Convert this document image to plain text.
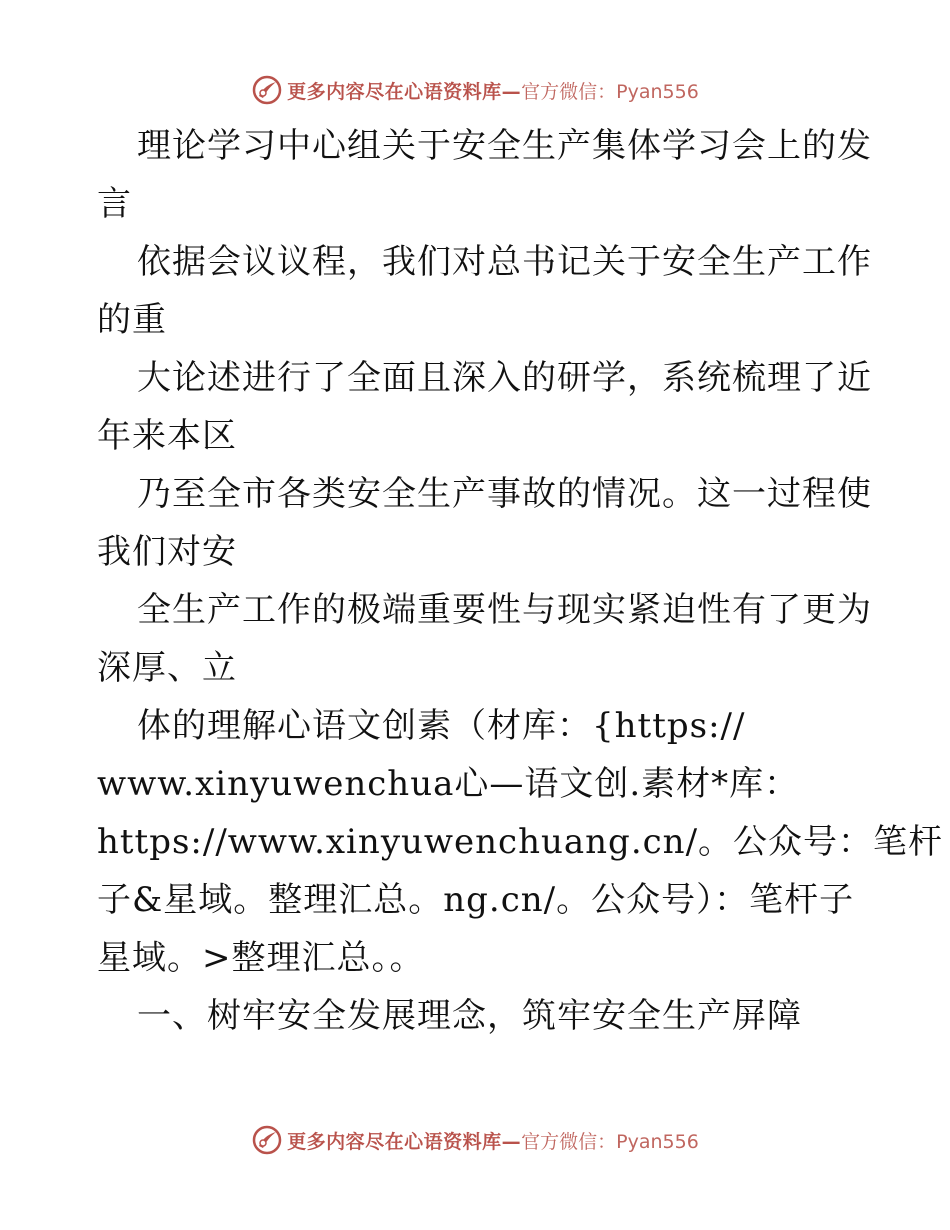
更多内容尽在心语资料库— 官方微信：Pyan556
理论学习中心组关于安全生产集体学习会上的发
言
依据会议议程，我们对总书记关于安全生产工作
的重
大论述进行了全面且深入的研学，系统梳理了近
年来本区
乃至全市各类安全生产事故的情况。这一过程使
我们对安
全生产工作的极端重要性与现实紧迫性有了更为
深厚、立
体的理解心语文创素（材库：{https://
www.xinyuwenchua心—语文创.素材*库：
https://www.xinyuwenchuang.cn/。公众号：笔杆
子&星域。整理汇总。ng.cn/。公众号）：笔杆子
星域。>整理汇总。。
一、树牢安全发展理念，筑牢安全生产屏障
更多内容尽在心语资料库— 官方微信：Pyan556
